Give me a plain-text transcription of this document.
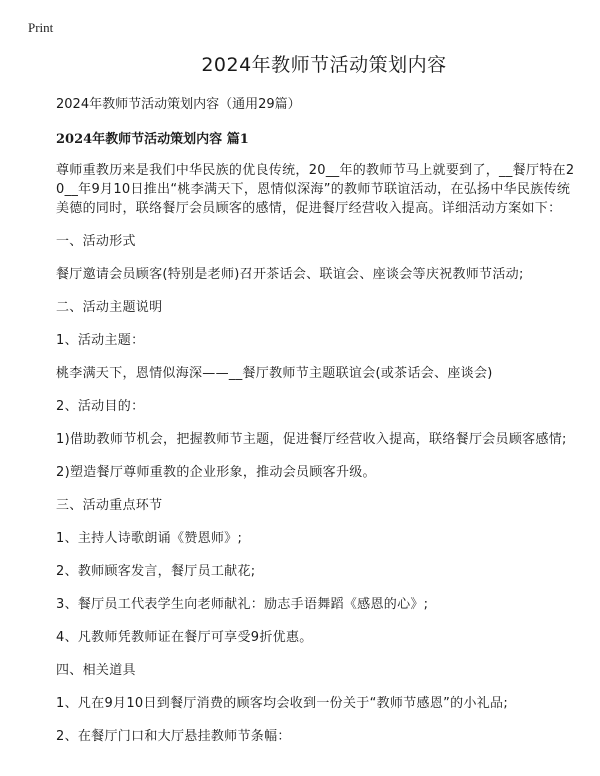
Print
2024年教师节活动策划内容
2024年教师节活动策划内容（通用29篇）
2024年教师节活动策划内容 篇1
尊师重教历来是我们中华民族的优良传统，20__年的教师节马上就要到了，__餐厅特在20__年9月10日推出“桃李满天下，恩情似深海”的教师节联谊活动，在弘扬中华民族传统美德的同时，联络餐厅会员顾客的感情，促进餐厅经营收入提高。详细活动方案如下：
一、活动形式
餐厅邀请会员顾客(特别是老师)召开茶话会、联谊会、座谈会等庆祝教师节活动;
二、活动主题说明
1、活动主题：
桃李满天下，恩情似海深——__餐厅教师节主题联谊会(或茶话会、座谈会)
2、活动目的：
1)借助教师节机会，把握教师节主题，促进餐厅经营收入提高，联络餐厅会员顾客感情;
2)塑造餐厅尊师重教的企业形象，推动会员顾客升级。
三、活动重点环节
1、主持人诗歌朗诵《赞恩师》;
2、教师顾客发言，餐厅员工献花;
3、餐厅员工代表学生向老师献礼：励志手语舞蹈《感恩的心》;
4、凡教师凭教师证在餐厅可享受9折优惠。
四、相关道具
1、凡在9月10日到餐厅消费的顾客均会收到一份关于“教师节感恩”的小礼品;
2、在餐厅门口和大厅悬挂教师节条幅：
